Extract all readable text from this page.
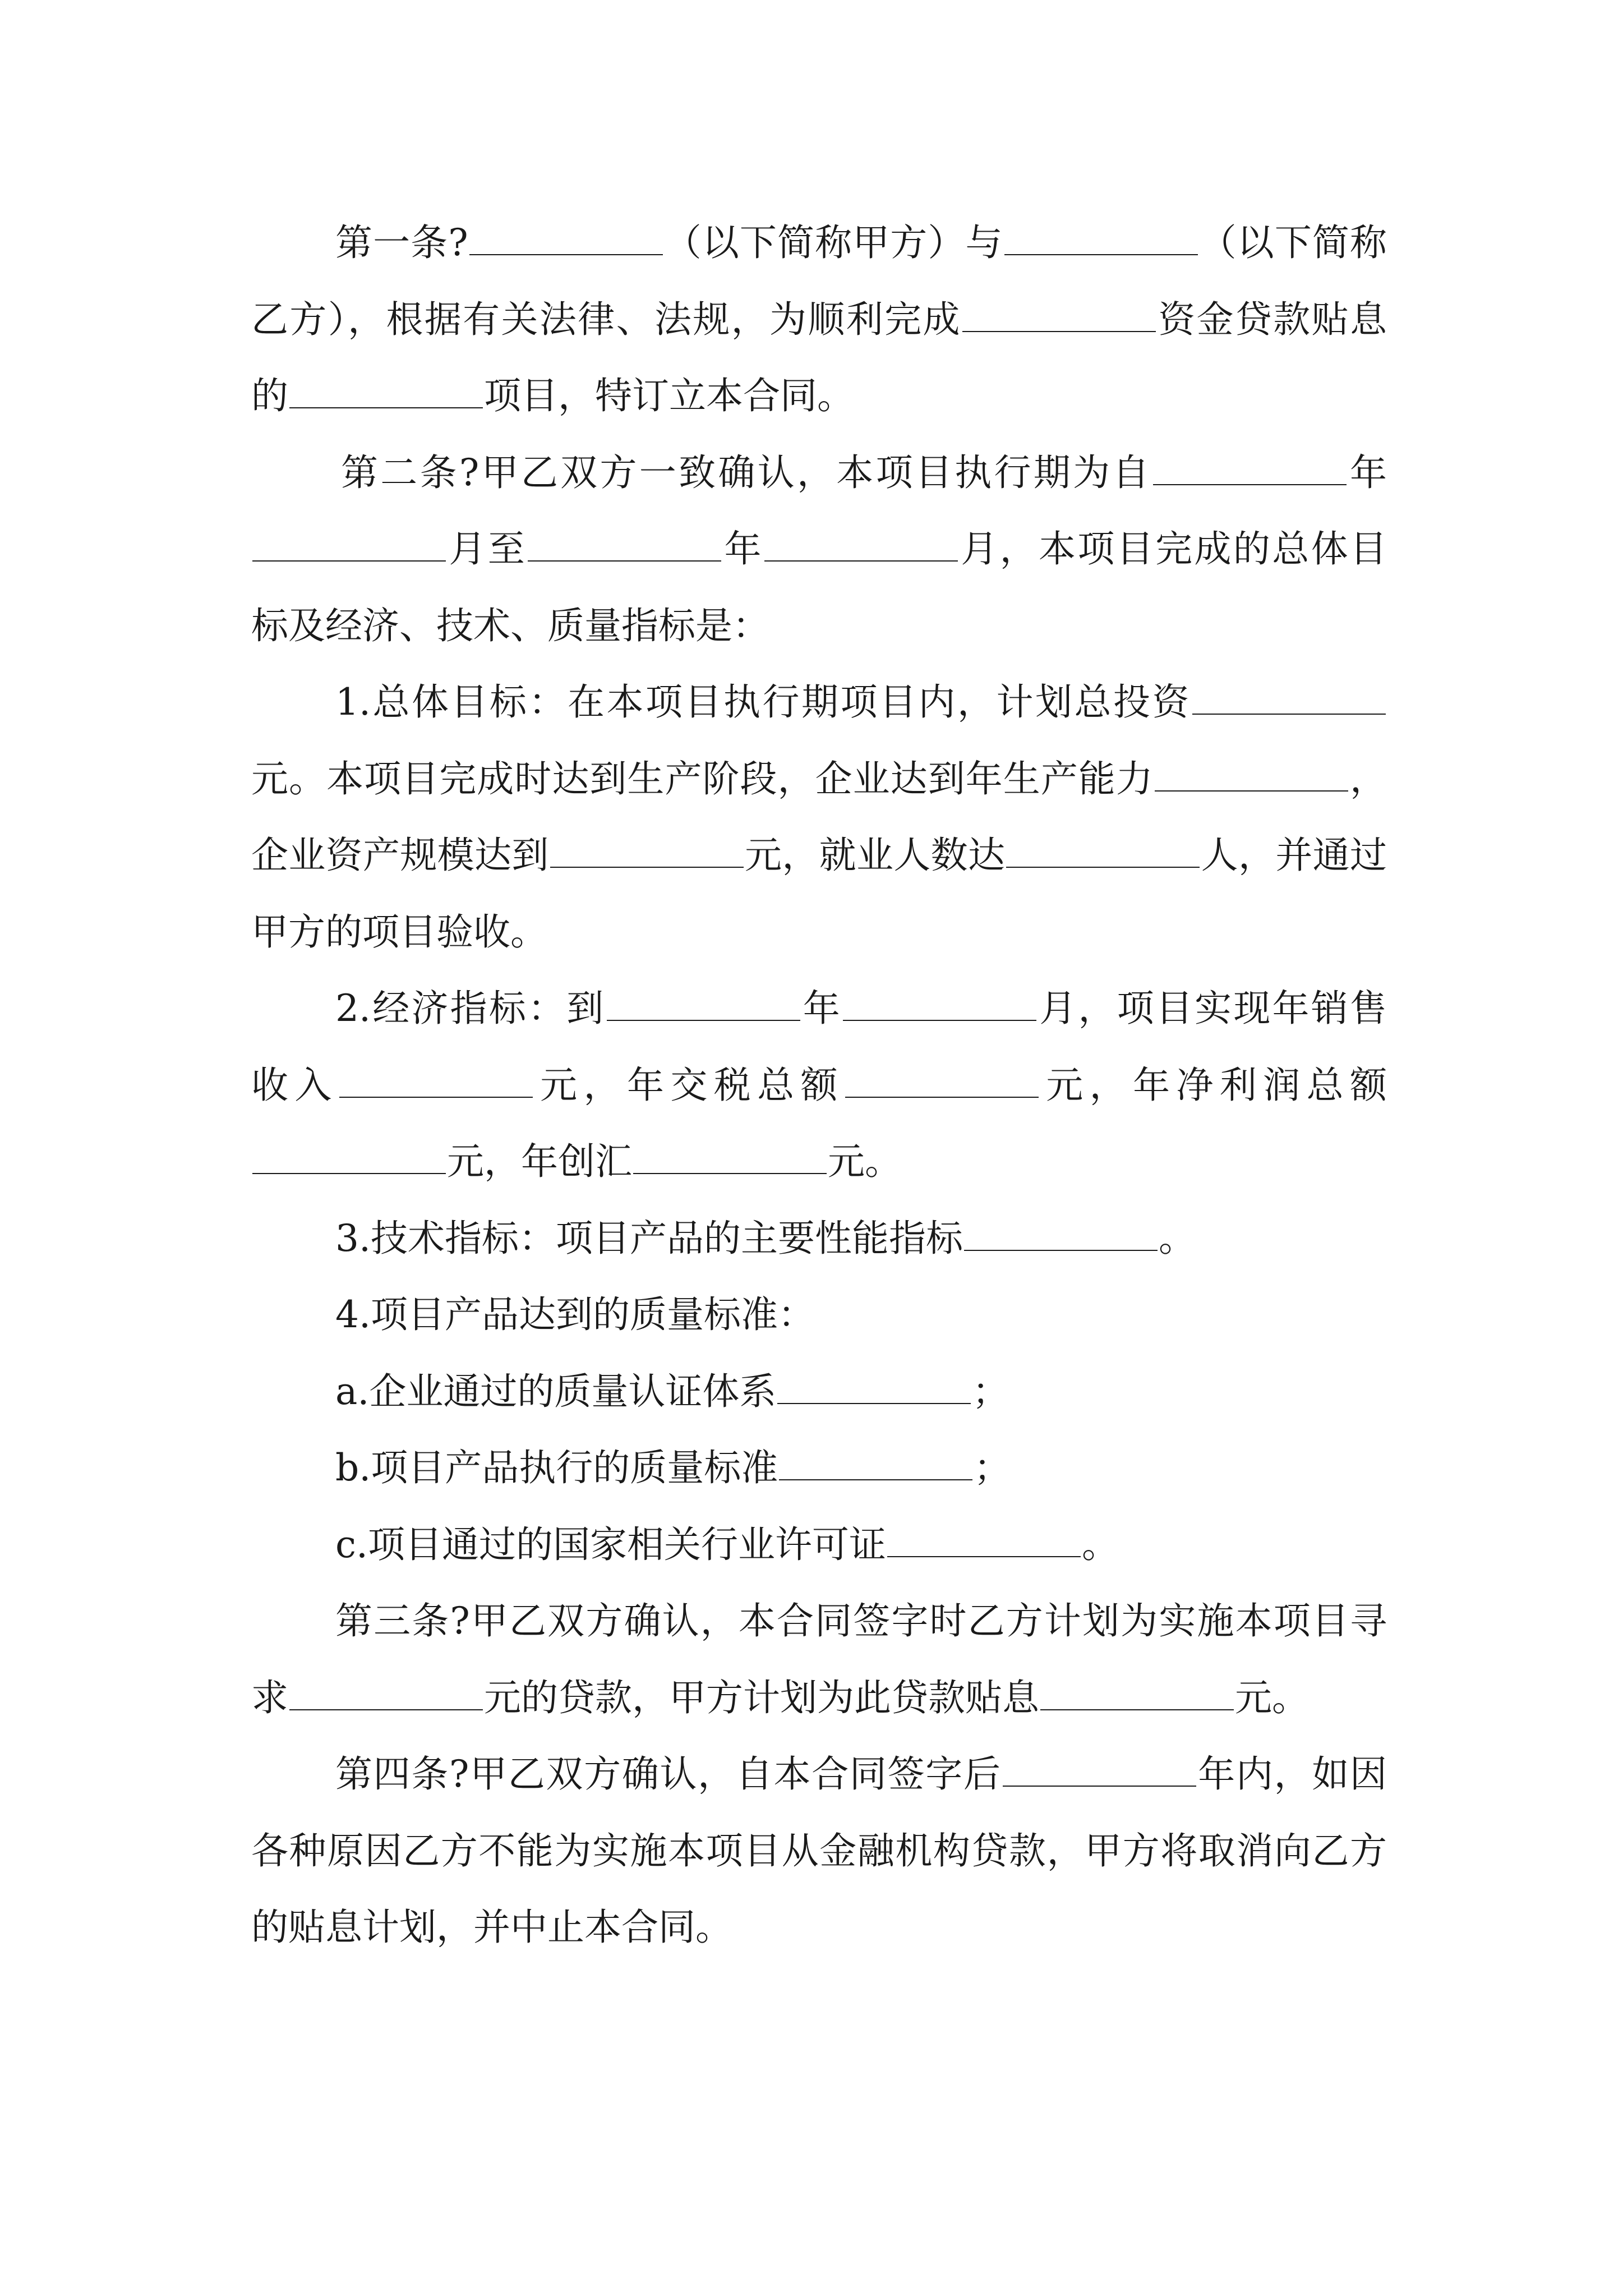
第一条?	（以下简称甲方）与	（以下简称乙方），根据有关法律、法规，为顺利完成	资金贷款贴息的	项目，特订立本合同。

第二条?甲乙双方一致确认，本项目执行期为自	年月至	年	月，本项目完成的总体目标及经济、技术、质量指标是：

1.总体目标：在本项目执行期项目内，计划总投资元。本项目完成时达到生产阶段，企业达到年生产能力	，企业资产规模达到	元，就业人数达	人，并通过甲方的项目验收。

2.经济指标：到	年	月，项目实现年销售收入	元，年交税总额	元，年净利润总额元，年创汇	元。

3.技术指标：项目产品的主要性能指标	。

4.项目产品达到的质量标准：

a.企业通过的质量认证体系	；

b.项目产品执行的质量标准	；

c.项目通过的国家相关行业许可证	。

第三条?甲乙双方确认，本合同签字时乙方计划为实施本项目寻求	元的贷款，甲方计划为此贷款贴息	元。

第四条?甲乙双方确认，自本合同签字后	年内，如因各种原因乙方不能为实施本项目从金融机构贷款，甲方将取消向乙方的贴息计划，并中止本合同。
